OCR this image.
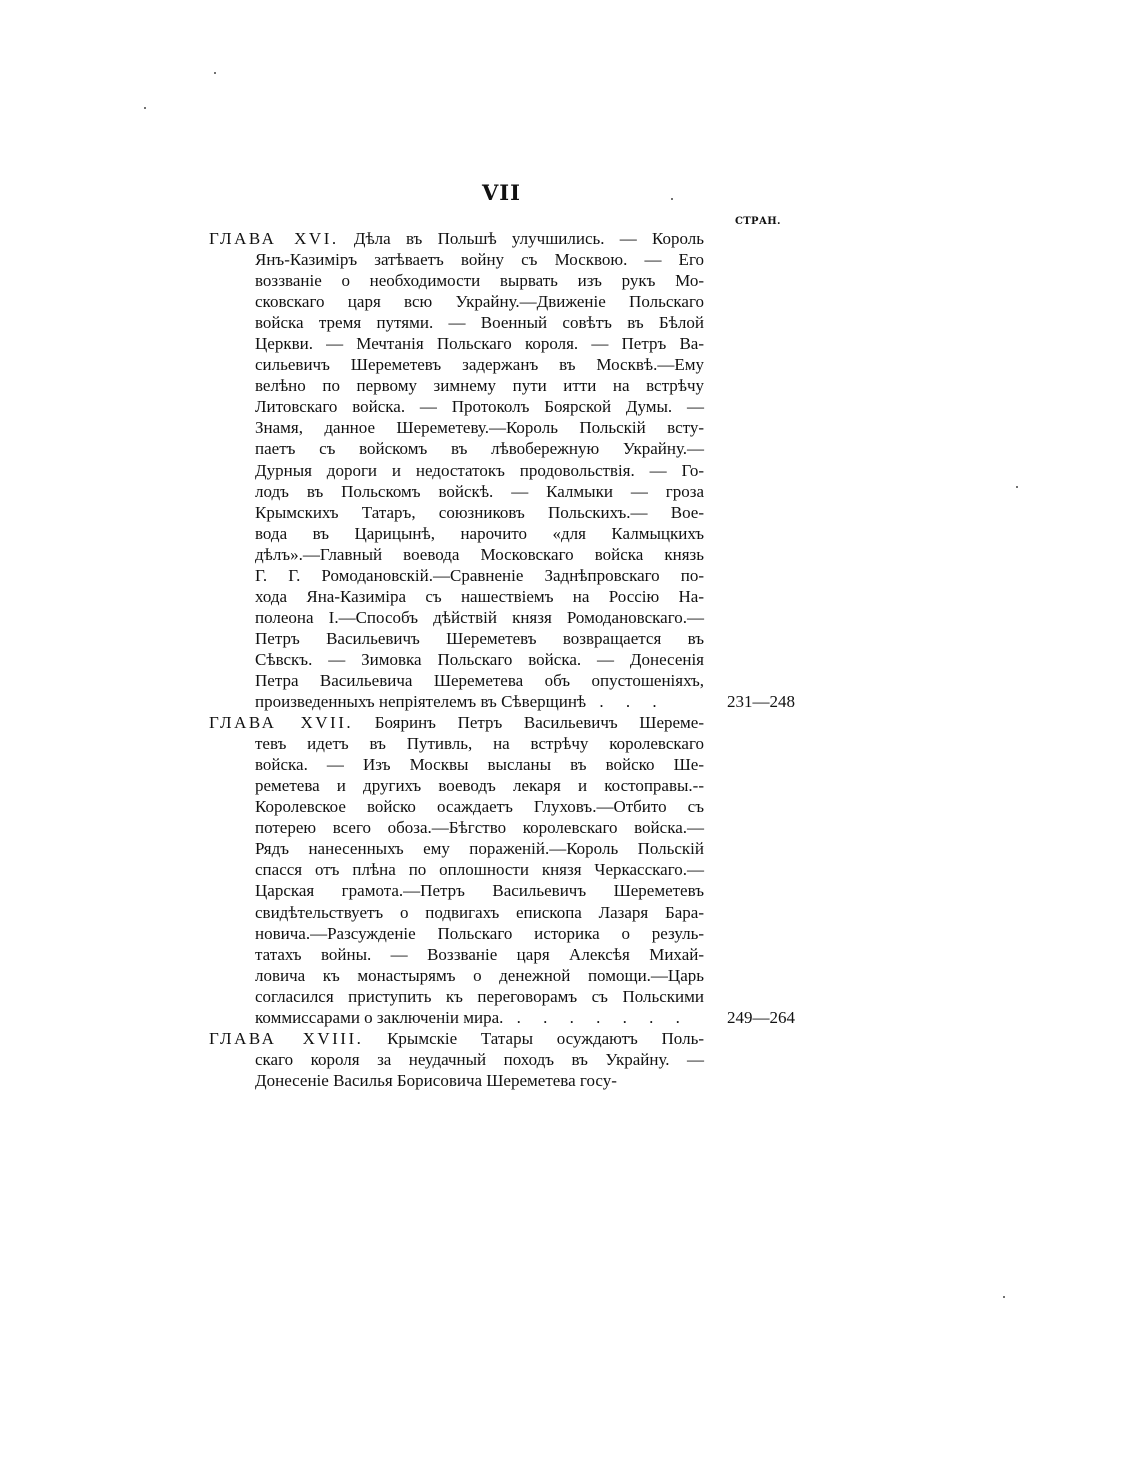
VII
СТРАН.
ГЛАВА XVI. Дѣла въ Польшѣ улучшились. — Король
Янъ-Казиміръ затѣваетъ войну съ Москвою. — Его
воззваніе о необходимости вырвать изъ рукъ Мо-
сковскаго царя всю Украйну.—Движеніе Польскаго
войска тремя путями. — Военный совѣтъ въ Бѣлой
Церкви. — Мечтанія Польскаго короля. — Петръ Ва-
сильевичъ Шереметевъ задержанъ въ Москвѣ.—Ему
велѣно по первому зимнему пути итти на встрѣчу
Литовскаго войска. — Протоколъ Боярской Думы. —
Знамя, данное Шереметеву.—Король Польскій всту-
паетъ съ войскомъ въ лѣвобережную Украйну.—
Дурныя дороги и недостатокъ продовольствія. — Го-
лодъ въ Польскомъ войскѣ. — Калмыки — гроза
Крымскихъ Татаръ, союзниковъ Польскихъ.— Вое-
вода въ Царицынѣ, нарочито «для Калмыцкихъ
дѣлъ».—Главный воевода Московскаго войска князь
Г. Г. Ромодановскій.—Сравненіе Заднѣпровскаго по-
хода Яна-Казиміра съ нашествіемъ на Россію На-
полеона I.—Способъ дѣйствій князя Ромодановскаго.—
Петръ Васильевичъ Шереметевъ возвращается въ
Сѣвскъ. — Зимовка Польскаго войска. — Донесенія
Петра Васильевича Шереметева объ опустошеніяхъ,
произведенныхъ непріятелемъ въ Сѣверщинѣ . . .	231—248
ГЛАВА XVII. Бояринъ Петръ Васильевичъ Шереме-
тевъ идетъ въ Путивль, на встрѣчу королевскаго
войска. — Изъ Москвы высланы въ войско Ше-
реметева и другихъ воеводъ лекаря и костоправы.--
Королевское войско осаждаетъ Глуховъ.—Отбито съ
потерею всего обоза.—Бѣгство королевскаго войска.—
Рядъ нанесенныхъ ему пораженій.—Король Польскій
спасся отъ плѣна по оплошности князя Черкасскаго.—
Царская грамота.—Петръ Васильевичъ Шереметевъ
свидѣтельствуетъ о подвигахъ епископа Лазаря Бара-
новича.—Разсужденіе Польскаго историка о резуль-
татахъ войны. — Воззваніе царя Алексѣя Михай-
ловича къ монастырямъ о денежной помощи.—Царь
согласился приступить къ переговорамъ съ Польскими
коммиссарами о заключеніи мира. . . . . . . .	249—264
ГЛАВА XVIII. Крымскіе Татары осуждаютъ Поль-
скаго короля за неудачный походъ въ Украйну. —
Донесеніе Василья Борисовича Шереметева госу-
